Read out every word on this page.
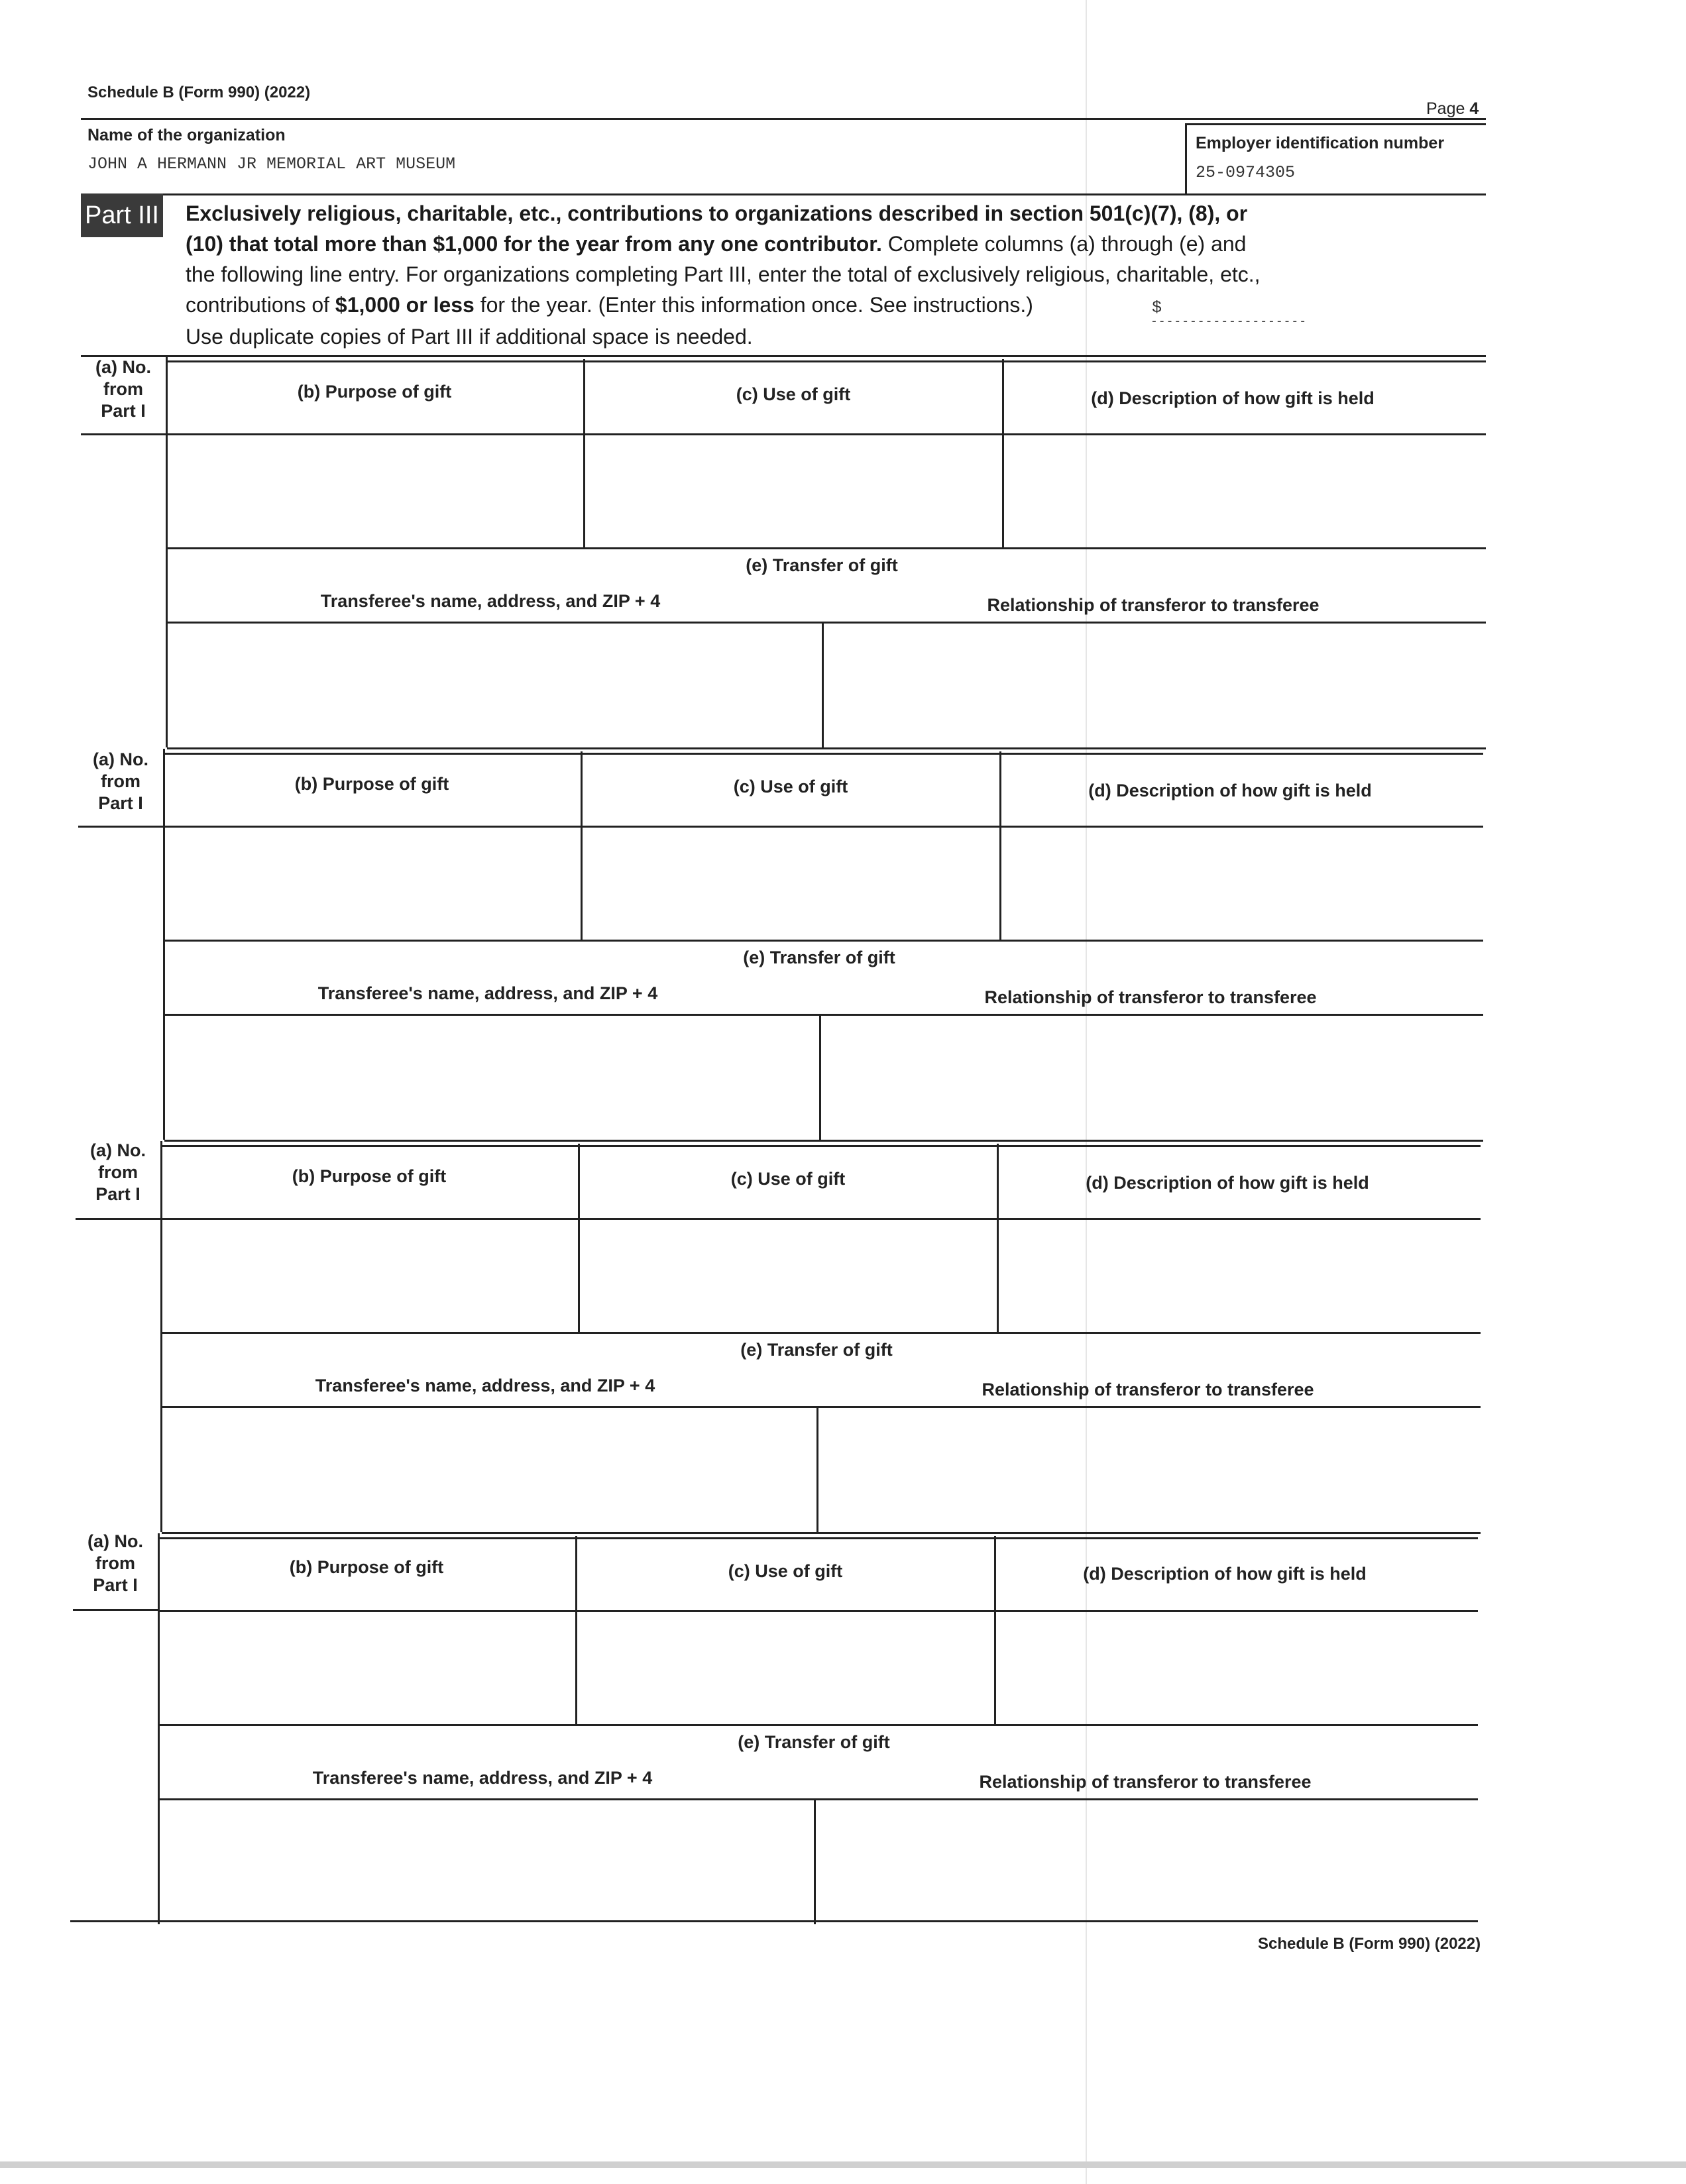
Schedule B (Form 990) (2022)
Page 4
Name of the organization
JOHN A HERMANN JR MEMORIAL ART MUSEUM
Employer identification number
25-0974305
Part III Exclusively religious, charitable, etc., contributions to organizations described in section 501(c)(7), (8), or
(10) that total more than $1,000 for the year from any one contributor. Complete columns (a) through (e) and
the following line entry. For organizations completing Part III, enter the total of exclusively religious, charitable, etc.,
contributions of $1,000 or less for the year. (Enter this information once. See instructions.)	$
--------------------
Use duplicate copies of Part III if additional space is needed.
(a) No.
from
Part I
(b) Purpose of gift	(c) Use of gift	(d) Description of how gift is held
(e) Transfer of gift
Transferee's name, address, and ZIP + 4	Relationship of transferor to transferee
(a) No.
from
Part I
(b) Purpose of gift	(c) Use of gift	(d) Description of how gift is held
(e) Transfer of gift
Transferee's name, address, and ZIP + 4	Relationship of transferor to transferee
(a) No.
from
Part I
(b) Purpose of gift	(c) Use of gift	(d) Description of how gift is held
(e) Transfer of gift
Transferee's name, address, and ZIP + 4	Relationship of transferor to transferee
(a) No.
from
Part I
(b) Purpose of gift	(c) Use of gift	(d) Description of how gift is held
(e) Transfer of gift
Transferee's name, address, and ZIP + 4	Relationship of transferor to transferee
Schedule B (Form 990) (2022)
